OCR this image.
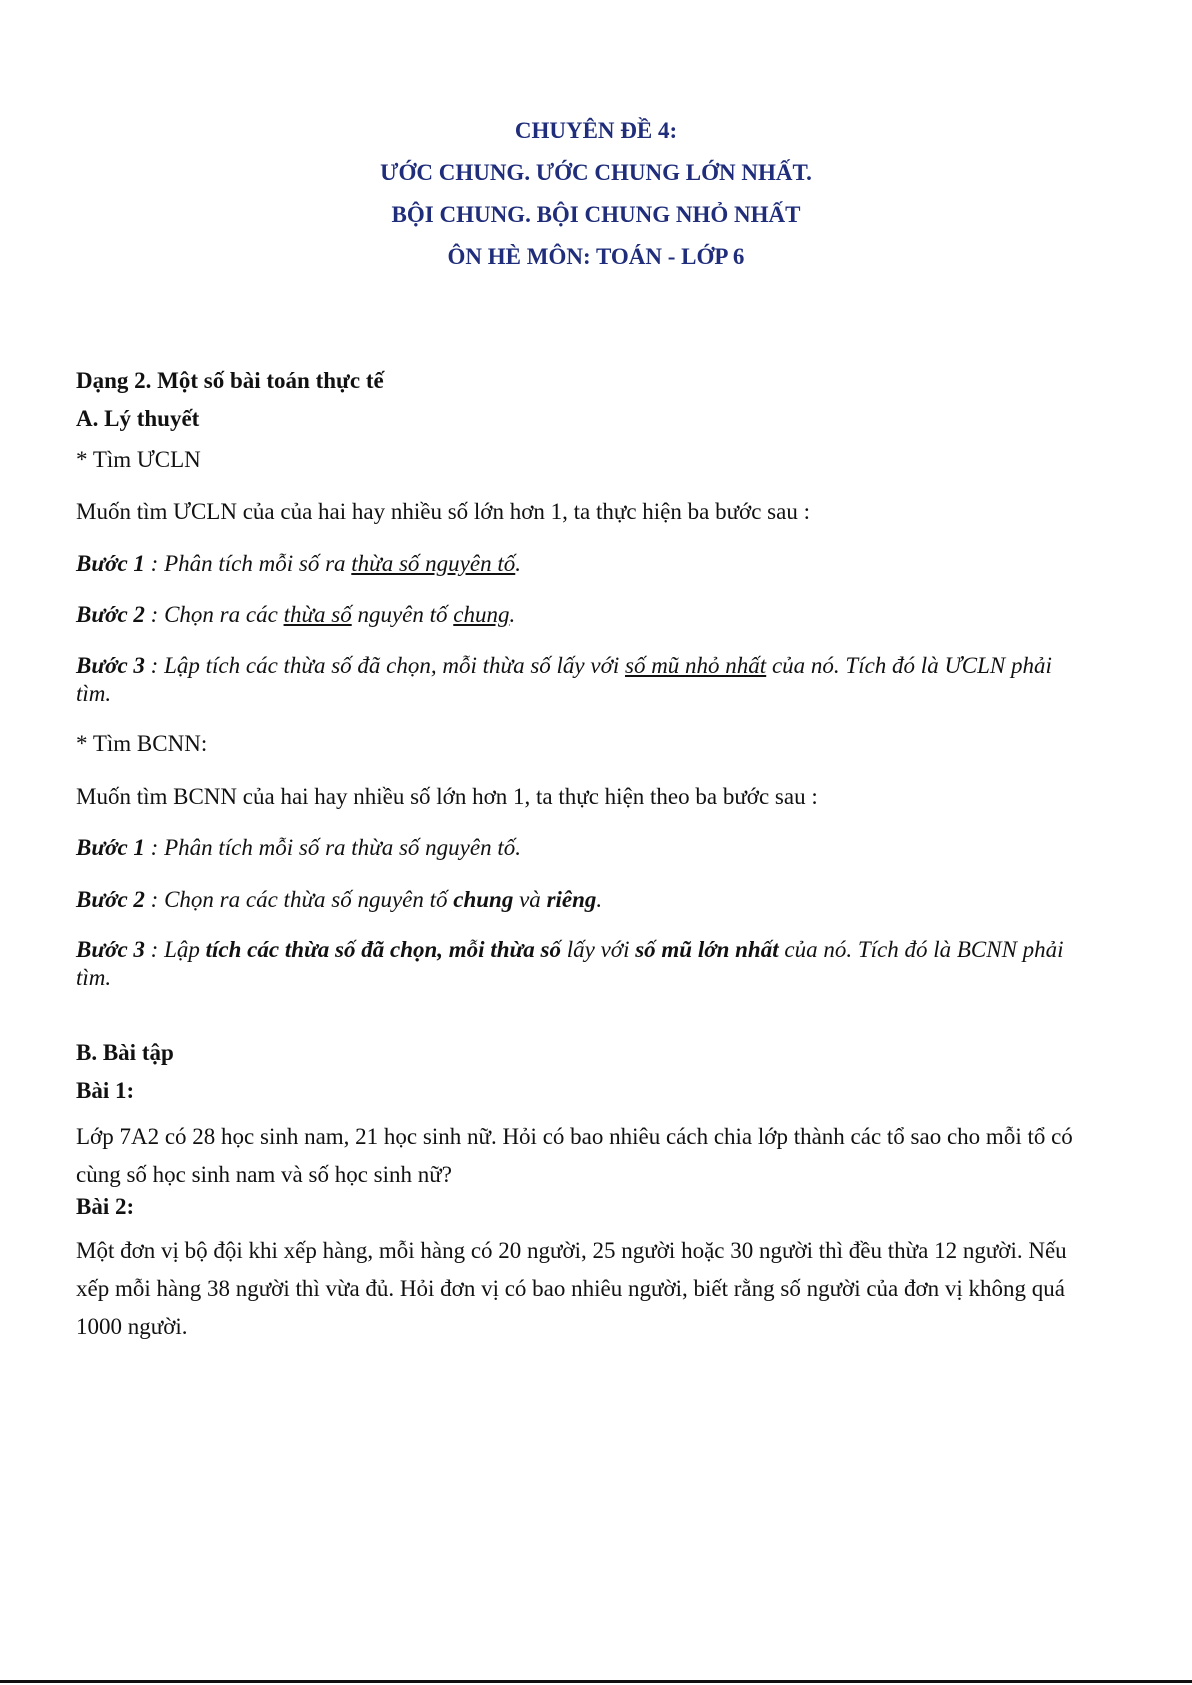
CHUYÊN ĐỀ 4:
ƯỚC CHUNG. ƯỚC CHUNG LỚN NHẤT.
BỘI CHUNG. BỘI CHUNG NHỎ NHẤT
ÔN HÈ MÔN: TOÁN - LỚP 6
Dạng 2. Một số bài toán thực tế
A. Lý thuyết
* Tìm ƯCLN
Muốn tìm ƯCLN của của hai hay nhiều số lớn hơn 1, ta thực hiện ba bước sau :
Bước 1 : Phân tích mỗi số ra thừa số nguyên tố.
Bước 2 : Chọn ra các thừa số nguyên tố chung.
Bước 3 : Lập tích các thừa số đã chọn, mỗi thừa số lấy với số mũ nhỏ nhất của nó. Tích đó là ƯCLN phải
tìm.
* Tìm BCNN:
Muốn tìm BCNN của hai hay nhiều số lớn hơn 1, ta thực hiện theo ba bước sau :
Bước 1 : Phân tích mỗi số ra thừa số nguyên tố.
Bước 2 : Chọn ra các thừa số nguyên tố chung và riêng.
Bước 3 : Lập tích các thừa số đã chọn, mỗi thừa số lấy với số mũ lớn nhất của nó. Tích đó là BCNN phải
tìm.
B. Bài tập
Bài 1:
Lớp 7A2 có 28 học sinh nam, 21 học sinh nữ. Hỏi có bao nhiêu cách chia lớp thành các tổ sao cho mỗi tổ có
cùng số học sinh nam và số học sinh nữ?
Bài 2:
Một đơn vị bộ đội khi xếp hàng, mỗi hàng có 20 người, 25 người hoặc 30 người thì đều thừa 12 người. Nếu
xếp mỗi hàng 38 người thì vừa đủ. Hỏi đơn vị có bao nhiêu người, biết rằng số người của đơn vị không quá
1000 người.
